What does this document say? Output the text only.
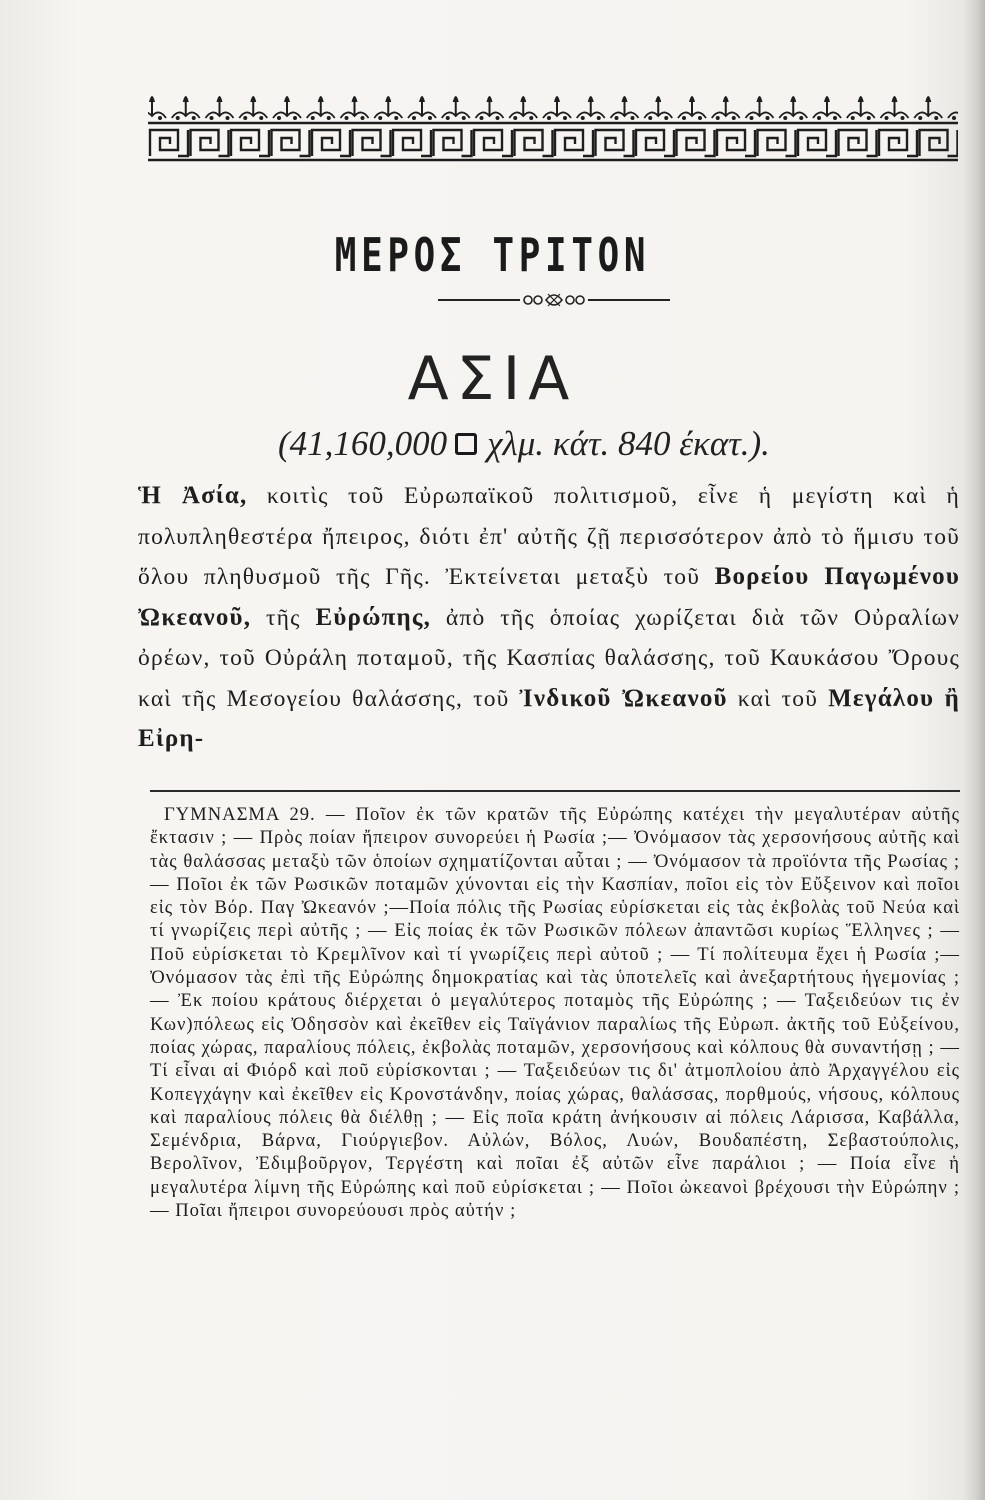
ΜΕΡΟΣ ΤΡΙΤΟΝ
ΑΣΙΑ
(41,160,000 χλμ. κάτ. 840 έκατ.).
Ἡ Ἀσία, κοιτὶς τοῦ Εὐρωπαϊκοῦ πολιτισμοῦ, εἶνε ἡ μεγίστη καὶ ἡ πολυπληθεστέρα ἤπειρος, διότι ἐπ' αὐτῆς ζῇ περισσότερον ἀπὸ τὸ ἥμισυ τοῦ ὅλου πληθυσμοῦ τῆς Γῆς. Ἐκτείνεται μεταξὺ τοῦ Βορείου Παγωμένου Ὠκεανοῦ, τῆς Εὐρώπης, ἀπὸ τῆς ὁποίας χωρίζεται διὰ τῶν Οὐραλίων ὀρέων, τοῦ Οὐράλη ποταμοῦ, τῆς Κασπίας θαλάσσης, τοῦ Καυκάσου Ὄρους καὶ τῆς Μεσογείου θαλάσσης, τοῦ Ἰνδικοῦ Ὠκεανοῦ καὶ τοῦ Μεγάλου ἢ Εἰρη-
ΓΥΜΝΑΣΜΑ 29. — Ποῖον ἐκ τῶν κρατῶν τῆς Εὐρώπης κατέχει τὴν μεγαλυτέραν αὐτῆς ἔκτασιν ; — Πρὸς ποίαν ἤπειρον συνορεύει ἡ Ρωσία ;— Ὀνόμασον τὰς χερσονήσους αὐτῆς καὶ τὰς θαλάσσας μεταξὺ τῶν ὁποίων σχηματίζονται αὗται ; — Ὀνόμασον τὰ προϊόντα τῆς Ρωσίας ; — Ποῖοι ἐκ τῶν Ρωσικῶν ποταμῶν χύνονται εἰς τὴν Κασπίαν, ποῖοι εἰς τὸν Εὔξεινον καὶ ποῖοι εἰς τὸν Βόρ. Παγ Ὠκεανόν ;—Ποία πόλις τῆς Ρωσίας εὑρίσκεται εἰς τὰς ἐκβολὰς τοῦ Νεύα καὶ τί γνωρίζεις περὶ αὐτῆς ; — Εἰς ποίας ἐκ τῶν Ρωσικῶν πόλεων ἀπαντῶσι κυρίως Ἕλληνες ; — Ποῦ εὑρίσκεται τὸ Κρεμλῖνον καὶ τί γνωρίζεις περὶ αὐτοῦ ; — Τί πολίτευμα ἔχει ἡ Ρωσία ;— Ὀνόμασον τὰς ἐπὶ τῆς Εὐρώπης δημοκρατίας καὶ τὰς ὑποτελεῖς καὶ ἀνεξαρτήτους ἡγεμονίας ; — Ἐκ ποίου κράτους διέρχεται ὁ μεγαλύτερος ποταμὸς τῆς Εὐρώπης ; — Ταξειδεύων τις ἐν Κων)πόλεως εἰς Ὀδησσὸν καὶ ἐκεῖθεν εἰς Ταϊγάνιον παραλίως τῆς Εὐρωπ. ἀκτῆς τοῦ Εὐξείνου, ποίας χώρας, παραλίους πόλεις, ἐκβολὰς ποταμῶν, χερσονήσους καὶ κόλπους θὰ συναντήσῃ ; — Τί εἶναι αἱ Φιόρδ καὶ ποῦ εὑρίσκονται ; — Ταξειδεύων τις δι' ἀτμοπλοίου ἀπὸ Ἀρχαγγέλου εἰς Κοπεγχάγην καὶ ἐκεῖθεν εἰς Κρονστάνδην, ποίας χώρας, θαλάσσας, πορθμούς, νήσους, κόλπους καὶ παραλίους πόλεις θὰ διέλθῃ ; — Εἰς ποῖα κράτη ἀνήκουσιν αἱ πόλεις Λάρισσα, Καβάλλα, Σεμένδρια, Βάρνα, Γιούργιεβον. Αὐλών, Βόλος, Λυών, Βουδαπέστη, Σεβαστούπολις, Βερολῖνον, Ἐδιμβοῦργον, Τεργέστη καὶ ποῖαι ἐξ αὐτῶν εἶνε παράλιοι ; — Ποία εἶνε ἡ μεγαλυτέρα λίμνη τῆς Εὐρώπης καὶ ποῦ εὑρίσκεται ; — Ποῖοι ὠκεανοὶ βρέχουσι τὴν Εὐρώπην ; — Ποῖαι ἤπειροι συνορεύουσι πρὸς αὐτήν ;
